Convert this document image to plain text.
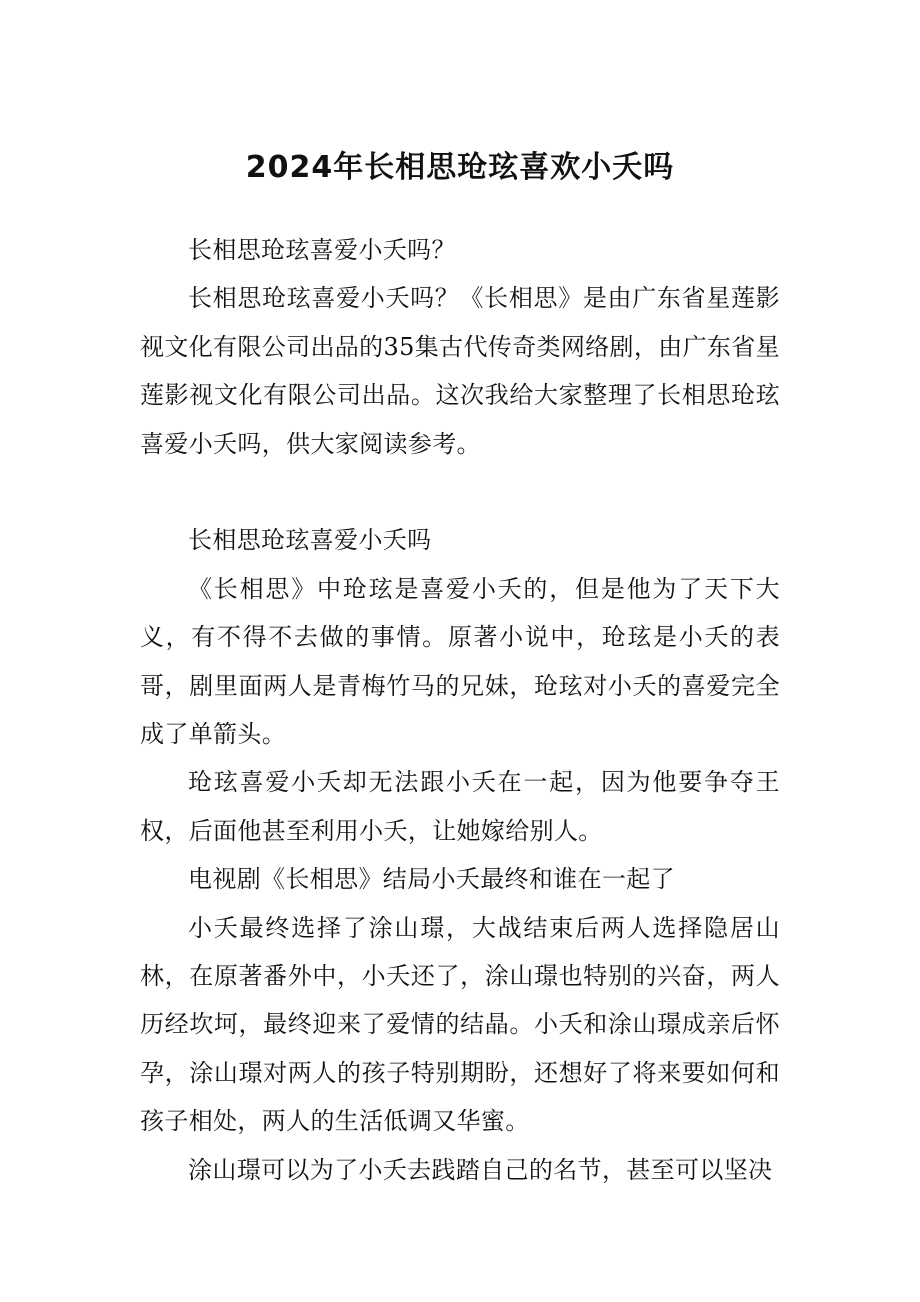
2024年长相思玱玹喜欢小夭吗

长相思玱玹喜爱小夭吗？

长相思玱玹喜爱小夭吗？《长相思》是由广东省星莲影视文化有限公司出品的35集古代传奇类网络剧，由广东省星莲影视文化有限公司出品。这次我给大家整理了长相思玱玹喜爱小夭吗，供大家阅读参考。

长相思玱玹喜爱小夭吗

《长相思》中玱玹是喜爱小夭的，但是他为了天下大义，有不得不去做的事情。原著小说中，玱玹是小夭的表哥，剧里面两人是青梅竹马的兄妹，玱玹对小夭的喜爱完全成了单箭头。

玱玹喜爱小夭却无法跟小夭在一起，因为他要争夺王权，后面他甚至利用小夭，让她嫁给别人。

电视剧《长相思》结局小夭最终和谁在一起了

小夭最终选择了涂山璟，大战结束后两人选择隐居山林，在原著番外中，小夭还了，涂山璟也特别的兴奋，两人历经坎坷，最终迎来了爱情的结晶。小夭和涂山璟成亲后怀孕，涂山璟对两人的孩子特别期盼，还想好了将来要如何和孩子相处，两人的生活低调又华蜜。

涂山璟可以为了小夭去践踏自己的名节，甚至可以坚决
